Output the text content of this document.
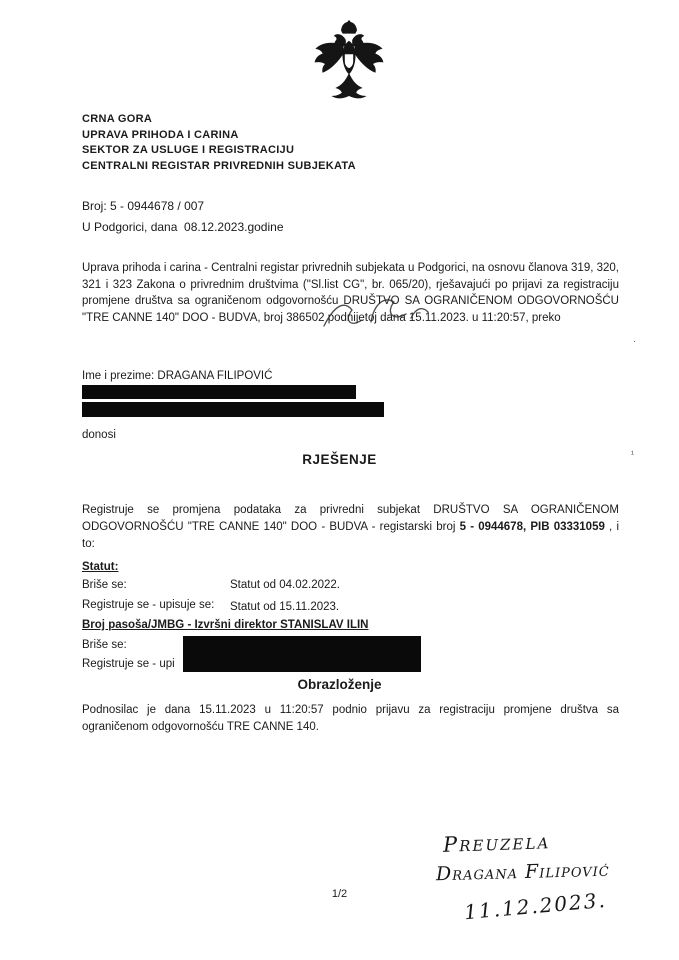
CRNA GORA
UPRAVA PRIHODA I CARINA
SEKTOR ZA USLUGE I REGISTRACIJU
CENTRALNI REGISTAR PRIVREDNIH SUBJEKATA
Broj: 5 - 0944678 / 007
U Podgorici, dana  08.12.2023.godine

Uprava prihoda i carina - Centralni registar privrednih subjekata u Podgorici, na osnovu članova 319, 320, 321 i 323 Zakona o privrednim društvima ("Sl.list CG", br. 065/20), rješavajući po prijavi za registraciju promjene društva sa ograničenom odgovornošću DRUŠTVO SA OGRANIČENOM ODGOVORNOŠĆU "TRE CANNE 140" DOO - BUDVA, broj 386502 podnijetoj dana 15.11.2023. u 11:20:57, preko

Ime i prezime: DRAGANA FILIPOVIĆ
donosi
RJEŠENJE

Registruje se promjena podataka za privredni subjekat DRUŠTVO SA OGRANIČENOM ODGOVORNOŠĆU "TRE CANNE 140" DOO - BUDVA - registarski broj 5 - 0944678, PIB 03331059 , i to:

Statut:
Briše se:	Statut od 04.02.2022.
Registruje se - upisuje se: Statut od 15.11.2023.
Broj pasoša/JMBG - Izvršni direktor STANISLAV ILIN
Briše se:
Registruje se - upi
Obrazloženje

Podnosilac je dana 15.11.2023 u 11:20:57 podnio prijavu za registraciju promjene društva sa ograničenom odgovornošću TRE CANNE 140.

Preuzela
Dragana Filipović
11.12.2023.
¹
·
1/2
